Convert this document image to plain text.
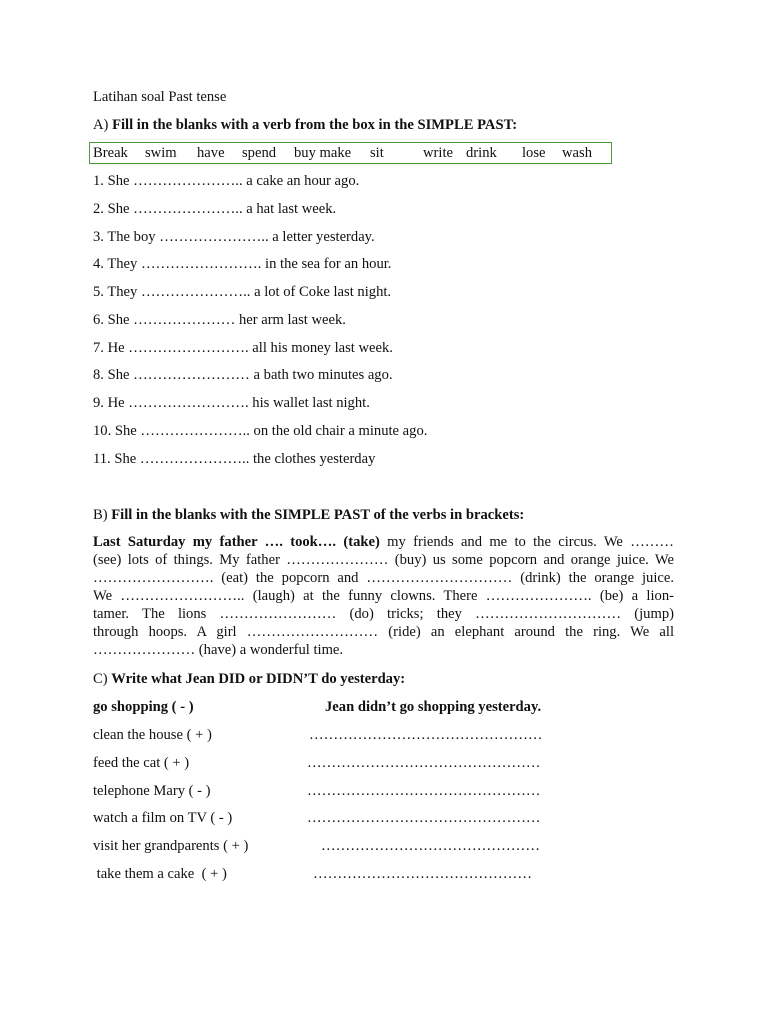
Latihan soal Past tense
A) Fill in the blanks with a verb from the box in the SIMPLE PAST:
Break swim have spend buy make sit	write drink lose wash
1. She ………………….. a cake an hour ago.
2. She ………………….. a hat last week.
3. The boy ………………….. a letter yesterday.
4. They ……………………. in the sea for an hour.
5. They ………………….. a lot of Coke last night.
6. She ………………… her arm last week.
7. He ……………………. all his money last week.
8. She …………………… a bath two minutes ago.
9. He ……………………. his wallet last night.
10. She ………………….. on the old chair a minute ago.
11. She ………………….. the clothes yesterday
B) Fill in the blanks with the SIMPLE PAST of the verbs in brackets:
Last Saturday my father …. took…. (take) my friends and me to the circus. We ………
(see) lots of things. My father ………………… (buy) us some popcorn and orange juice. We
……………………. (eat) the popcorn and ………………………… (drink) the orange juice.
We …………………….. (laugh) at the funny clowns. There …………………. (be) a lion-
tamer. The lions …………………… (do) tricks; they ………………………… (jump)
through hoops. A girl ……………………… (ride) an elephant around the ring. We all
………………… (have) a wonderful time.
C) Write what Jean DID or DIDN’T do yesterday:
go shopping ( - )	Jean didn’t go shopping yesterday.
clean the house ( + )	…………………………………………
feed the cat ( + )	…………………………………………
telephone Mary ( - )	…………………………………………
watch a film on TV ( - )	…………………………………………
visit her grandparents ( + )	………………………………………
take them a cake  ( + )	………………………………………
